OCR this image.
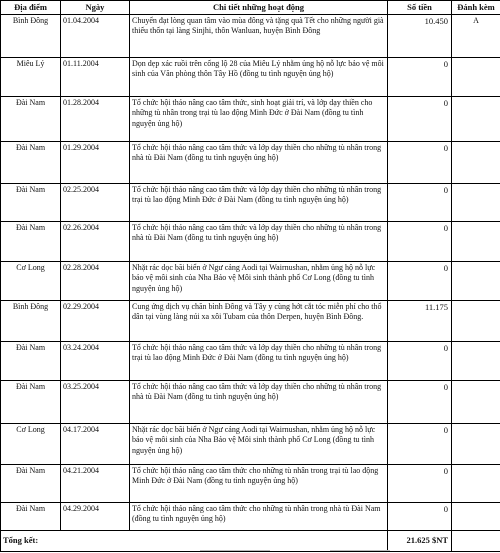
Địa điểm	Ngày	Chi tiết những hoạt động	Số tiền	Đánh kèm
Bình Đông	01.04.2004	Chuyển đạt lòng quan tâm vào mùa đông và tặng quà Tết cho những người già thiếu thốn tại làng Sinjhi, thôn Wanluan, huyện Bình Đông	10.450	A
Miêu Lý	01.11.2004	Dọn dẹp xác ruồi trên cống lộ 28 của Miêu Lý nhằm ủng hộ nỗ lực bảo vệ môi sinh của Văn phòng thôn Tây Hồ (đồng tu tình nguyện ủng hộ)	0	
Đài Nam	01.28.2004	Tổ chức hội thảo nâng cao tâm thức, sinh hoạt giải trí, và lớp dạy thiền cho những tù nhân trong trại tù lao động Minh Đức ở Đài Nam (đồng tu tình nguyện ủng hộ)	0	
Đài Nam	01.29.2004	Tổ chức hội thảo nâng cao tâm thức và lớp dạy thiền cho những tù nhân trong nhà tù Đài Nam (đồng tu tình nguyện ủng hộ)	0	
Đài Nam	02.25.2004	Tổ chức hội thảo nâng cao tâm thức và lớp dạy thiền cho những tù nhân trong trại tù lao động Minh Đức ở Đài Nam (đồng tu tình nguyện ủng hộ)	0	
Đài Nam	02.26.2004	Tổ chức hội thảo nâng cao tâm thức và lớp dạy thiền cho những tù nhân trong nhà tù Đài Nam (đồng tu tình nguyện ủng hộ)	0	
Cơ Long	02.28.2004	Nhặt rác dọc bãi biển ở Ngư cảng Aodi tại Wairnushan, nhằm ủng hộ nỗ lực bảo vệ môi sinh của Nha Bảo vệ Môi sinh thành phố Cơ Long (đồng tu tình nguyện ủng hộ)	0	
Bình Đông	02.29.2004	Cung ứng dịch vụ chăn bình Đông và Tây y cùng hớt cắt tóc miễn phí cho thổ dân tại vùng làng núi xa xôi Tubam của thôn Derpen, huyện Bình Đông.	11.175	
Đài Nam	03.24.2004	Tổ chức hội thảo nâng cao tâm thức và lớp dạy thiền cho những tù nhân trong trại tù lao động Minh Đức ở Đài Nam (đồng tu tình nguyện ủng hộ)	0	
Đài Nam	03.25.2004	Tổ chức hội thảo nâng cao tâm thức và lớp dạy thiền cho những tù nhân trong nhà tù Đài Nam (đồng tu tình nguyện ủng hộ)	0	
Cơ Long	04.17.2004	Nhặt rác dọc bãi biển ở Ngư cảng Aodi tại Wairnushan, nhằm ủng hộ nỗ lực bảo vệ môi sinh của Nha Bảo vệ Môi sinh thành phố Cơ Long (đồng tu tình nguyện ủng hộ)	0	
Đài Nam	04.21.2004	Tổ chức hội thảo nâng cao tâm thức cho những tù nhân trong trại tù lao động Minh Đức ở Đài Nam (đồng tu tình nguyện ủng hộ)	0	
Đài Nam	04.29.2004	Tổ chức hội thảo nâng cao tâm thức cho những tù nhân trong nhà tù Đài Nam (đồng tu tình nguyện ủng hộ)	0	
Tổng kết:			21.625 $NT	
